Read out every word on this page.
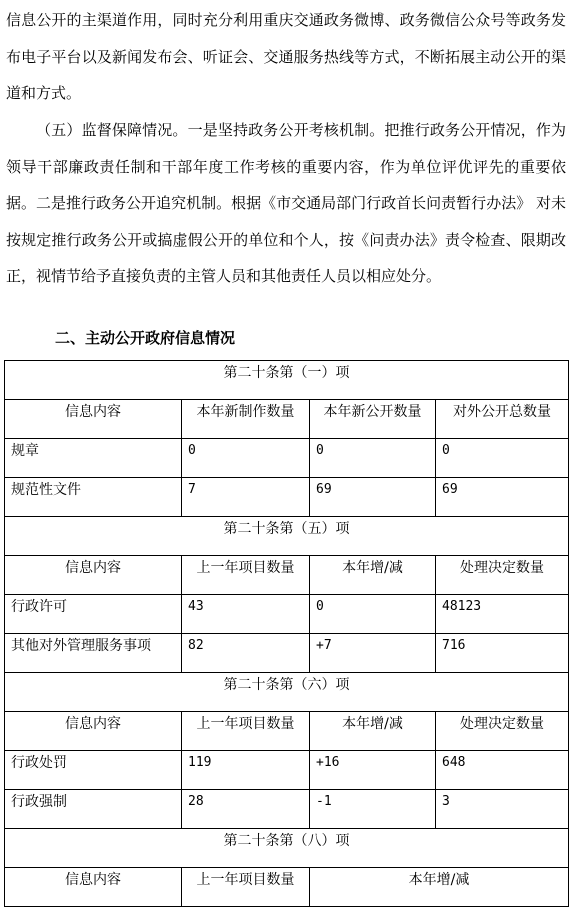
信息公开的主渠道作用，同时充分利用重庆交通政务微博、政务微信公众号等政务发布电子平台以及新闻发布会、听证会、交通服务热线等方式，不断拓展主动公开的渠道和方式。

（五）监督保障情况。一是坚持政务公开考核机制。把推行政务公开情况，作为领导干部廉政责任制和干部年度工作考核的重要内容，作为单位评优评先的重要依据。二是推行政务公开追究机制。根据《市交通局部门行政首长问责暂行办法》 对未按规定推行政务公开或搞虚假公开的单位和个人，按《问责办法》责令检查、限期改正，视情节给予直接负责的主管人员和其他责任人员以相应处分。

二、主动公开政府信息情况
第二十条第（一）项			
信息内容	本年新制作数量	本年新公开数量	对外公开总数量
规章	0	0	0
规范性文件	7	69	69
第二十条第（五）项			
信息内容	上一年项目数量	本年增/减	处理决定数量
行政许可	43	0	48123
其他对外管理服务事项	82	+7	716
第二十条第（六）项			
信息内容	上一年项目数量	本年增/减	处理决定数量
行政处罚	119	+16	648
行政强制	28	-1	3
第二十条第（八）项			
信息内容	上一年项目数量	本年增/减	
